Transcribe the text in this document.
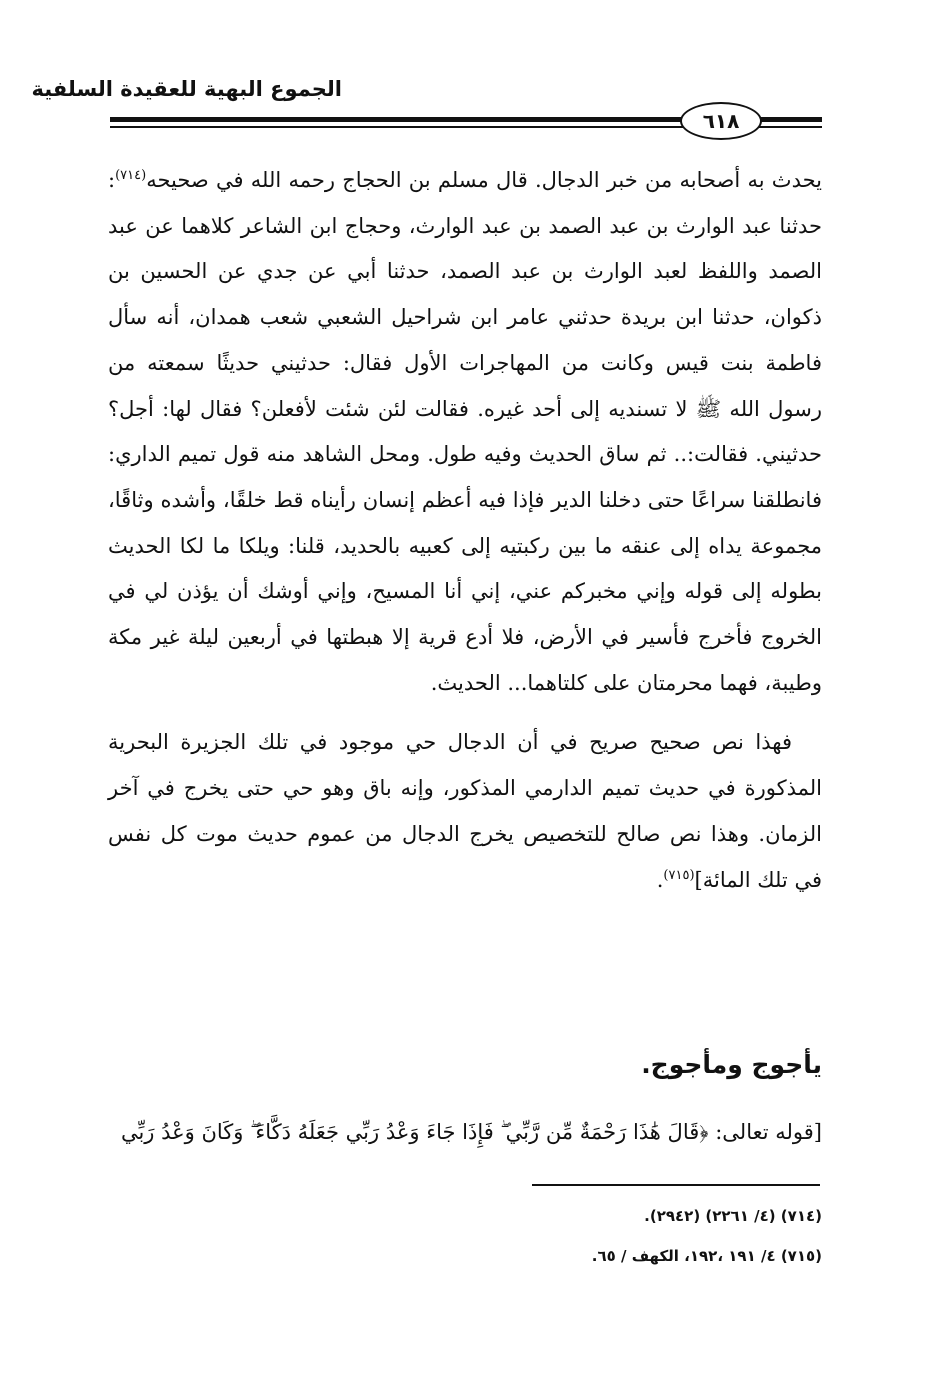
الجموع البهية للعقيدة السلفية
٦١٨

يحدث به أصحابه من خبر الدجال. قال مسلم بن الحجاج رحمه الله في صحيحه$^{(٧١٤)}$: حدثنا عبد الوارث بن عبد الصمد بن عبد الوارث، وحجاج ابن الشاعر كلاهما عن عبد الصمد واللفظ لعبد الوارث بن عبد الصمد، حدثنا أبي عن جدي عن الحسين بن ذكوان، حدثنا ابن بريدة حدثني عامر ابن شراحيل الشعبي شعب همدان، أنه سأل فاطمة بنت قيس وكانت من المهاجرات الأول فقال: حدثيني حديثًا سمعته من رسول الله ﷺ لا تسنديه إلى أحد غيره. فقالت لئن شئت لأفعلن؟ فقال لها: أجل؟ حدثيني. فقالت:.. ثم ساق الحديث وفيه طول. ومحل الشاهد منه قول تميم الداري: فانطلقنا سراعًا حتى دخلنا الدير فإذا فيه أعظم إنسان رأيناه قط خلقًا، وأشده وثاقًا، مجموعة يداه إلى عنقه ما بين ركبتيه إلى كعبيه بالحديد، قلنا: ويلكا ما لكا الحديث بطوله إلى قوله وإني مخبركم عني، إني أنا المسيح، وإني أوشك أن يؤذن لي في الخروج فأخرج فأسير في الأرض، فلا أدع قرية إلا هبطتها في أربعين ليلة غير مكة وطيبة، فهما محرمتان على كلتاهما... الحديث.

فهذا نص صحيح صريح في أن الدجال حي موجود في تلك الجزيرة البحرية المذكورة في حديث تميم الدارمي المذكور، وإنه باق وهو حي حتى يخرج في آخر الزمان. وهذا نص صالح للتخصيص يخرج الدجال من عموم حديث موت كل نفس في تلك المائة]$^{(٧١٥)}$.

يأجوج ومأجوج.
[قوله تعالى: ﴿قَالَ هَٰذَا رَحْمَةٌ مِّن رَّبِّي ۖ فَإِذَا جَاءَ وَعْدُ رَبِّي جَعَلَهُ دَكَّاءَ ۖ وَكَانَ وَعْدُ رَبِّي
(٧١٤) (٤/ ٢٢٦١) (٢٩٤٢).
(٧١٥) ٤/ ١٩١ ،١٩٢، الكهف / ٦٥.
